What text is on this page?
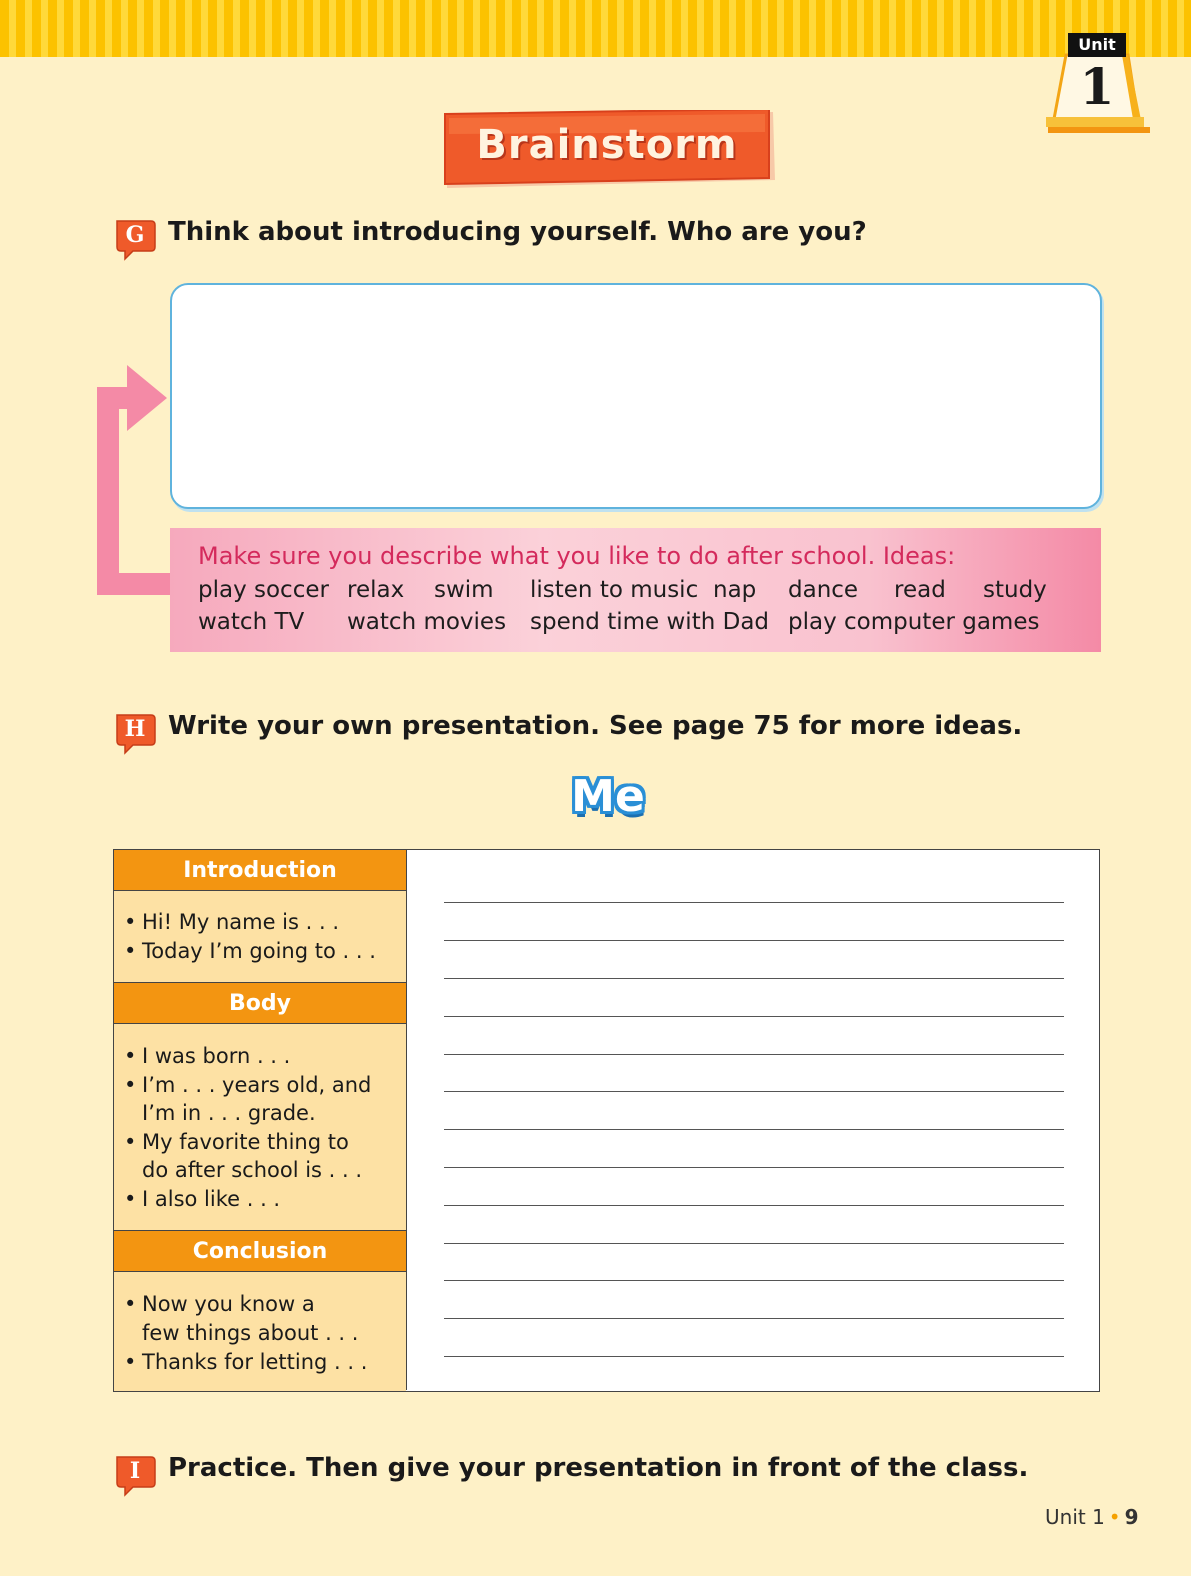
Unit
1
Brainstorm
G Think about introducing yourself. Who are you?
Make sure you describe what you like to do after school. Ideas:
play soccer relax swim listen to music nap dance read study
watch TV watch movies spend time with Dad play computer games
H Write your own presentation. See page 75 for more ideas.
Me
Introduction
• Hi! My name is . . .
• Today I’m going to . . .
Body
• I was born . . .
• I’m . . . years old, and
I’m in . . . grade.
• My favorite thing to
do after school is . . .
• I also like . . .
Conclusion
• Now you know a
few things about . . .
• Thanks for letting . . .
I	Practice. Then give your presentation in front of the class.
Unit 1 • 9
